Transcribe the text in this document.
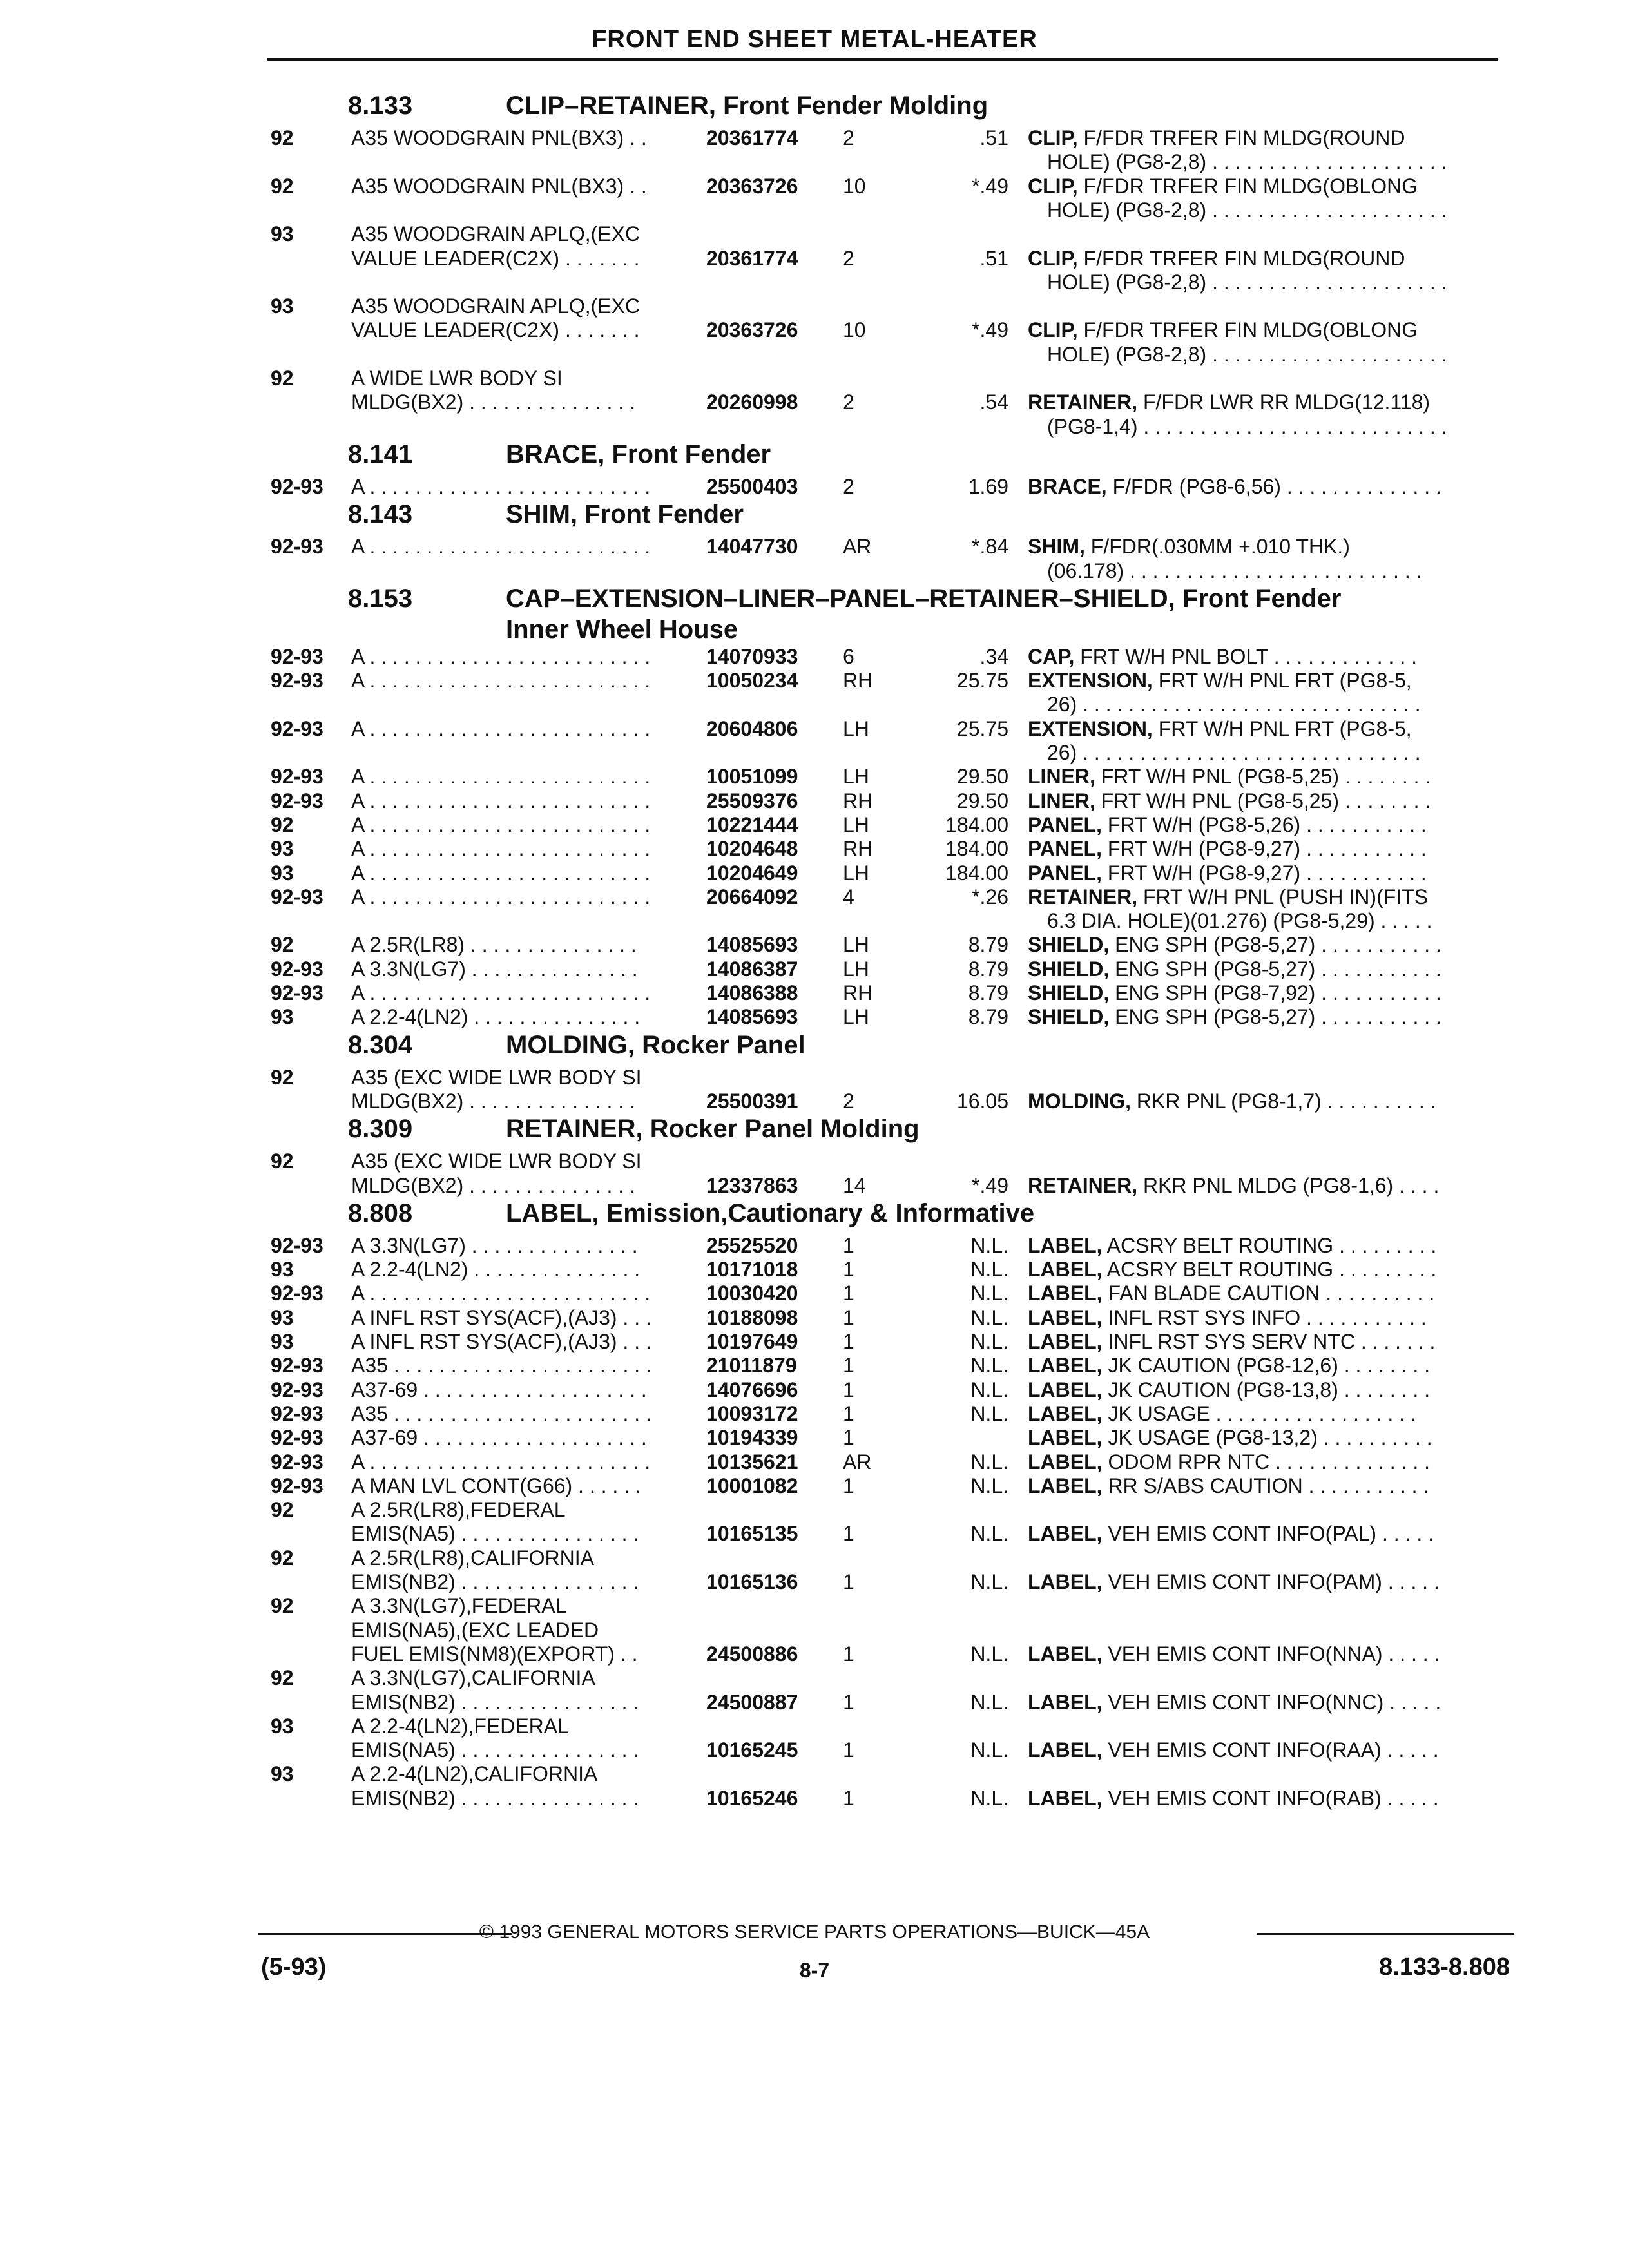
FRONT END SHEET METAL-HEATER
8.133	CLIP–RETAINER, Front Fender Molding
92	A35 WOODGRAIN PNL(BX3) . .	20361774 2	.51 CLIP, F/FDR TRFER FIN MLDG(ROUND
HOLE) (PG8-2,8) . . . . . . . . . . . . . . . . . . . . .
92	A35 WOODGRAIN PNL(BX3) . .	20363726 10	*.49 CLIP, F/FDR TRFER FIN MLDG(OBLONG
HOLE) (PG8-2,8) . . . . . . . . . . . . . . . . . . . . .
93	A35 WOODGRAIN APLQ,(EXC
VALUE LEADER(C2X) . . . . . . .	20361774 2	.51 CLIP, F/FDR TRFER FIN MLDG(ROUND
HOLE) (PG8-2,8) . . . . . . . . . . . . . . . . . . . . .
93	A35 WOODGRAIN APLQ,(EXC
VALUE LEADER(C2X) . . . . . . .	20363726 10	*.49 CLIP, F/FDR TRFER FIN MLDG(OBLONG
HOLE) (PG8-2,8) . . . . . . . . . . . . . . . . . . . . .
92	A WIDE LWR BODY SI
MLDG(BX2) . . . . . . . . . . . . . . .	20260998 2	.54 RETAINER, F/FDR LWR RR MLDG(12.118)
(PG8-1,4) . . . . . . . . . . . . . . . . . . . . . . . . . . .
8.141	BRACE, Front Fender
92-93 A . . . . . . . . . . . . . . . . . . . . . . . . .	25500403 2	1.69 BRACE, F/FDR (PG8-6,56) . . . . . . . . . . . . . .
8.143	SHIM, Front Fender
92-93 A . . . . . . . . . . . . . . . . . . . . . . . . .	14047730 AR	*.84 SHIM, F/FDR(.030MM +.010 THK.)
(06.178) . . . . . . . . . . . . . . . . . . . . . . . . . .
8.153	CAP–EXTENSION–LINER–PANEL–RETAINER–SHIELD, Front Fender
Inner Wheel House
92-93 A . . . . . . . . . . . . . . . . . . . . . . . . .	14070933 6	.34 CAP, FRT W/H PNL BOLT . . . . . . . . . . . . .
92-93 A . . . . . . . . . . . . . . . . . . . . . . . . .	10050234 RH	25.75 EXTENSION, FRT W/H PNL FRT (PG8-5,
26) . . . . . . . . . . . . . . . . . . . . . . . . . . . . . .
92-93 A . . . . . . . . . . . . . . . . . . . . . . . . .	20604806 LH	25.75 EXTENSION, FRT W/H PNL FRT (PG8-5,
26) . . . . . . . . . . . . . . . . . . . . . . . . . . . . . .
92-93 A . . . . . . . . . . . . . . . . . . . . . . . . .	10051099 LH	29.50 LINER, FRT W/H PNL (PG8-5,25) . . . . . . . .
92-93 A . . . . . . . . . . . . . . . . . . . . . . . . .	25509376 RH	29.50 LINER, FRT W/H PNL (PG8-5,25) . . . . . . . .
92	A . . . . . . . . . . . . . . . . . . . . . . . . .	10221444 LH	184.00 PANEL, FRT W/H (PG8-5,26) . . . . . . . . . . .
93	A . . . . . . . . . . . . . . . . . . . . . . . . .	10204648 RH	184.00 PANEL, FRT W/H (PG8-9,27) . . . . . . . . . . .
93	A . . . . . . . . . . . . . . . . . . . . . . . . .	10204649 LH	184.00 PANEL, FRT W/H (PG8-9,27) . . . . . . . . . . .
92-93 A . . . . . . . . . . . . . . . . . . . . . . . . .	20664092 4	*.26 RETAINER, FRT W/H PNL (PUSH IN)(FITS
6.3 DIA. HOLE)(01.276) (PG8-5,29) . . . . .
92	A 2.5R(LR8) . . . . . . . . . . . . . . .	14085693 LH	8.79 SHIELD, ENG SPH (PG8-5,27) . . . . . . . . . . .
92-93 A 3.3N(LG7) . . . . . . . . . . . . . . .	14086387 LH	8.79 SHIELD, ENG SPH (PG8-5,27) . . . . . . . . . . .
92-93 A . . . . . . . . . . . . . . . . . . . . . . . . .	14086388 RH	8.79 SHIELD, ENG SPH (PG8-7,92) . . . . . . . . . . .
93	A 2.2-4(LN2) . . . . . . . . . . . . . . .	14085693 LH	8.79 SHIELD, ENG SPH (PG8-5,27) . . . . . . . . . . .
8.304	MOLDING, Rocker Panel
92	A35 (EXC WIDE LWR BODY SI
MLDG(BX2) . . . . . . . . . . . . . . .	25500391 2	16.05 MOLDING, RKR PNL (PG8-1,7) . . . . . . . . . .
8.309	RETAINER, Rocker Panel Molding
92	A35 (EXC WIDE LWR BODY SI
MLDG(BX2) . . . . . . . . . . . . . . .	12337863 14	*.49 RETAINER, RKR PNL MLDG (PG8-1,6) . . . .
8.808	LABEL, Emission,Cautionary & Informative
92-93 A 3.3N(LG7) . . . . . . . . . . . . . . .	25525520 1	N.L. LABEL, ACSRY BELT ROUTING . . . . . . . . .
93	A 2.2-4(LN2) . . . . . . . . . . . . . . .	10171018 1	N.L. LABEL, ACSRY BELT ROUTING . . . . . . . . .
92-93 A . . . . . . . . . . . . . . . . . . . . . . . . .	10030420 1	N.L. LABEL, FAN BLADE CAUTION . . . . . . . . . .
93	A INFL RST SYS(ACF),(AJ3) . . .	10188098 1	N.L. LABEL, INFL RST SYS INFO . . . . . . . . . . .
93	A INFL RST SYS(ACF),(AJ3) . . .	10197649 1	N.L. LABEL, INFL RST SYS SERV NTC . . . . . . .
92-93 A35 . . . . . . . . . . . . . . . . . . . . . . .	21011879 1	N.L. LABEL, JK CAUTION (PG8-12,6) . . . . . . . .
92-93 A37-69 . . . . . . . . . . . . . . . . . . . .	14076696 1	N.L. LABEL, JK CAUTION (PG8-13,8) . . . . . . . .
92-93 A35 . . . . . . . . . . . . . . . . . . . . . . .	10093172 1	N.L. LABEL, JK USAGE . . . . . . . . . . . . . . . . . .
92-93 A37-69 . . . . . . . . . . . . . . . . . . . .	10194339 1	LABEL, JK USAGE (PG8-13,2) . . . . . . . . . .
92-93 A . . . . . . . . . . . . . . . . . . . . . . . . .	10135621 AR	N.L. LABEL, ODOM RPR NTC . . . . . . . . . . . . . .
92-93 A MAN LVL CONT(G66) . . . . . .	10001082 1	N.L. LABEL, RR S/ABS CAUTION . . . . . . . . . . .
92	A 2.5R(LR8),FEDERAL
EMIS(NA5) . . . . . . . . . . . . . . . .	10165135 1	N.L. LABEL, VEH EMIS CONT INFO(PAL) . . . . .
92	A 2.5R(LR8),CALIFORNIA
EMIS(NB2) . . . . . . . . . . . . . . . .	10165136 1	N.L. LABEL, VEH EMIS CONT INFO(PAM) . . . . .
92	A 3.3N(LG7),FEDERAL
EMIS(NA5),(EXC LEADED
FUEL EMIS(NM8)(EXPORT) . .	24500886 1	N.L. LABEL, VEH EMIS CONT INFO(NNA) . . . . .
92	A 3.3N(LG7),CALIFORNIA
EMIS(NB2) . . . . . . . . . . . . . . . .	24500887 1	N.L. LABEL, VEH EMIS CONT INFO(NNC) . . . . .
93	A 2.2-4(LN2),FEDERAL
EMIS(NA5) . . . . . . . . . . . . . . . .	10165245 1	N.L. LABEL, VEH EMIS CONT INFO(RAA) . . . . .
93	A 2.2-4(LN2),CALIFORNIA
EMIS(NB2) . . . . . . . . . . . . . . . .	10165246 1	N.L. LABEL, VEH EMIS CONT INFO(RAB) . . . . .
© 1993 GENERAL MOTORS SERVICE PARTS OPERATIONS—BUICK—45A
(5-93)	8-7	8.133-8.808
